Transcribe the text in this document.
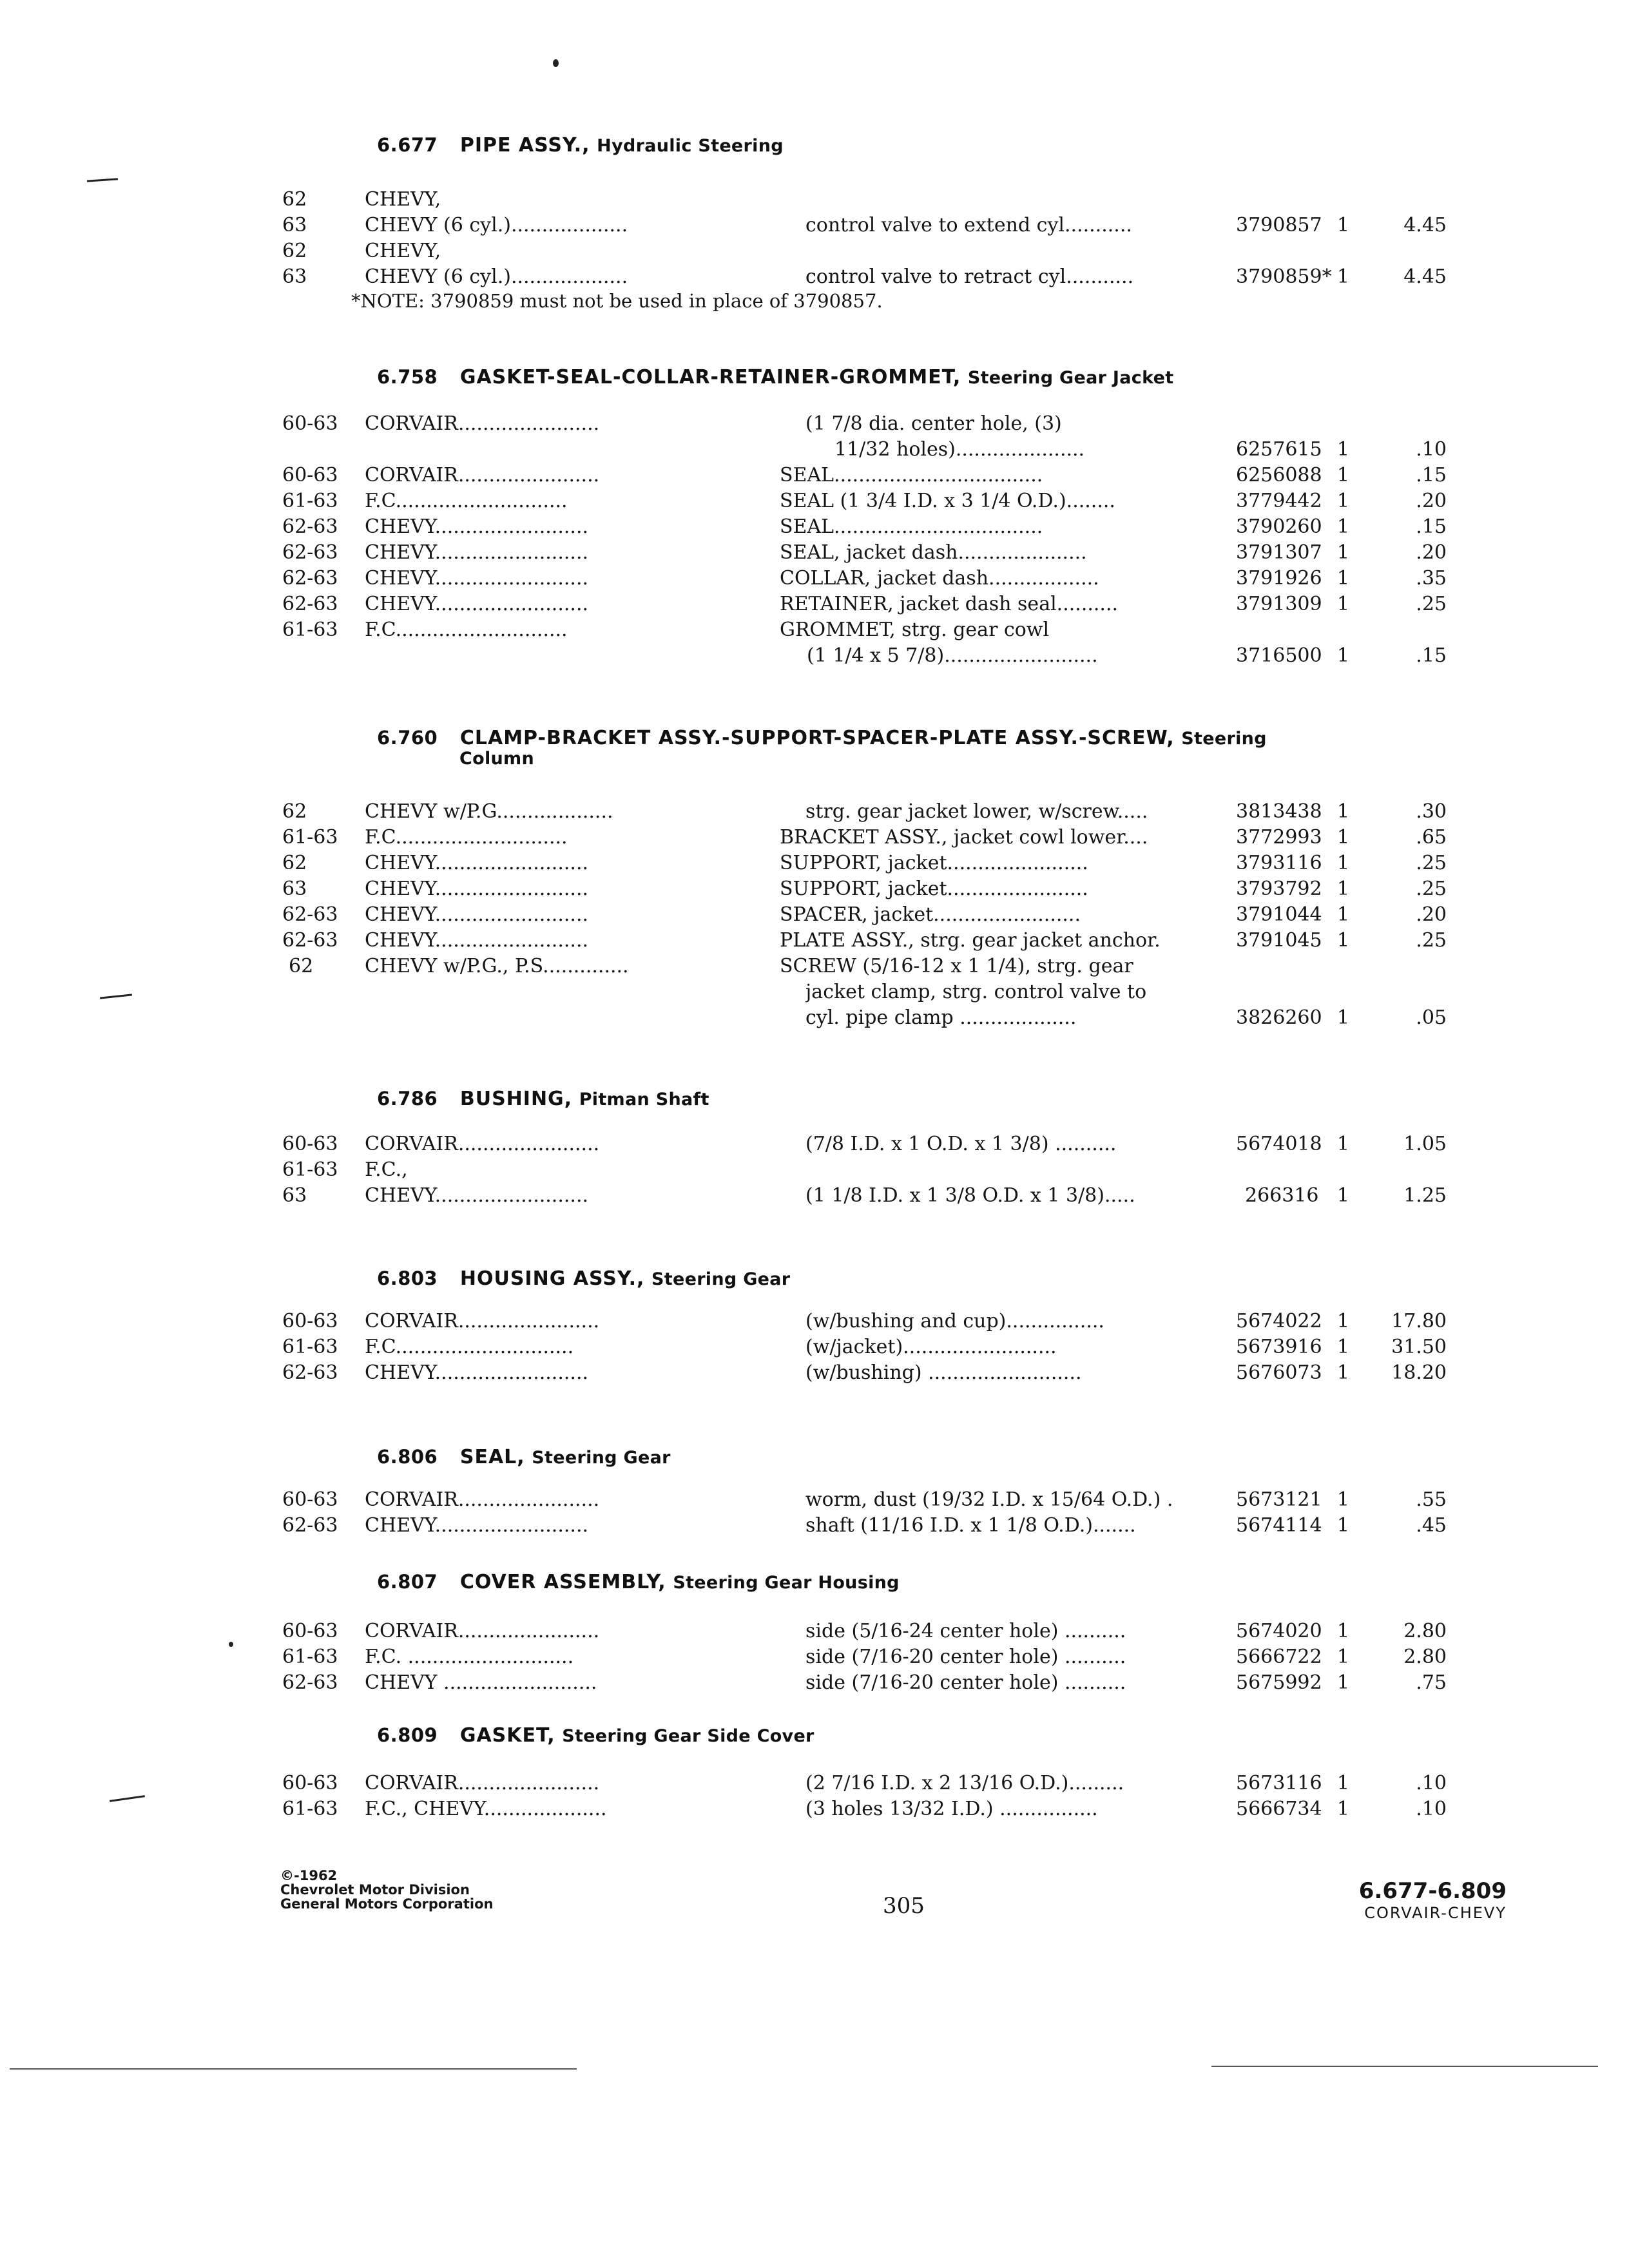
6.677 PIPE ASSY., Hydraulic Steering
62	CHEVY,
63	CHEVY (6 cyl.)...................	control valve to extend cyl...........	3790857 1	4.45
62	CHEVY,
63	CHEVY (6 cyl.)...................	control valve to retract cyl...........	3790859* 1	4.45
*NOTE: 3790859 must not be used in place of 3790857.
6.758 GASKET-SEAL-COLLAR-RETAINER-GROMMET, Steering Gear Jacket
60-63 CORVAIR.......................	(1 7/8 dia. center hole, (3)
11/32 holes).....................	6257615 1	.10
60-63 CORVAIR.......................	SEAL..................................	6256088 1	.15
61-63 F.C............................	SEAL (1 3/4 I.D. x 3 1/4 O.D.)........	3779442 1	.20
62-63 CHEVY.........................	SEAL..................................	3790260 1	.15
62-63 CHEVY.........................	SEAL, jacket dash.....................	3791307 1	.20
62-63 CHEVY.........................	COLLAR, jacket dash..................	3791926 1	.35
62-63 CHEVY.........................	RETAINER, jacket dash seal..........	3791309 1	.25
61-63 F.C............................	GROMMET, strg. gear cowl
(1 1/4 x 5 7/8).........................	3716500 1	.15
6.760 CLAMP-BRACKET ASSY.-SUPPORT-SPACER-PLATE ASSY.-SCREW, Steering
Column
62	CHEVY w/P.G...................	strg. gear jacket lower, w/screw.....	3813438 1	.30
61-63 F.C............................	BRACKET ASSY., jacket cowl lower....	3772993 1	.65
62	CHEVY.........................	SUPPORT, jacket.......................	3793116 1	.25
63	CHEVY.........................	SUPPORT, jacket.......................	3793792 1	.25
62-63 CHEVY.........................	SPACER, jacket........................	3791044 1	.20
62-63 CHEVY.........................	PLATE ASSY., strg. gear jacket anchor.	3791045 1	.25
62	CHEVY w/P.G., P.S..............	SCREW (5/16-12 x 1 1/4), strg. gear
jacket clamp, strg. control valve to
cyl. pipe clamp ...................	3826260 1	.05
6.786 BUSHING, Pitman Shaft
60-63 CORVAIR.......................	(7/8 I.D. x 1 O.D. x 1 3/8) ..........	5674018 1	1.05
61-63 F.C.,
63	CHEVY.........................	(1 1/8 I.D. x 1 3/8 O.D. x 1 3/8).....	266316 1	1.25
6.803 HOUSING ASSY., Steering Gear
60-63 CORVAIR.......................	(w/bushing and cup)................	5674022 1	17.80
61-63 F.C.............................	(w/jacket).........................	5673916 1	31.50
62-63 CHEVY.........................	(w/bushing) .........................	5676073 1	18.20
6.806 SEAL, Steering Gear
60-63 CORVAIR.......................	worm, dust (19/32 I.D. x 15/64 O.D.) .	5673121 1	.55
62-63 CHEVY.........................	shaft (11/16 I.D. x 1 1/8 O.D.).......	5674114 1	.45
6.807 COVER ASSEMBLY, Steering Gear Housing
60-63 CORVAIR.......................	side (5/16-24 center hole) ..........	5674020 1	2.80
61-63 F.C. ...........................	side (7/16-20 center hole) ..........	5666722 1	2.80
62-63 CHEVY .........................	side (7/16-20 center hole) ..........	5675992 1	.75
6.809 GASKET, Steering Gear Side Cover
60-63 CORVAIR.......................	(2 7/16 I.D. x 2 13/16 O.D.).........	5673116 1	.10
61-63 F.C., CHEVY....................	(3 holes 13/32 I.D.) ................	5666734 1	.10
©-1962
Chevrolet Motor Division
General Motors Corporation	305
6.677-6.809
CORVAIR-CHEVY
